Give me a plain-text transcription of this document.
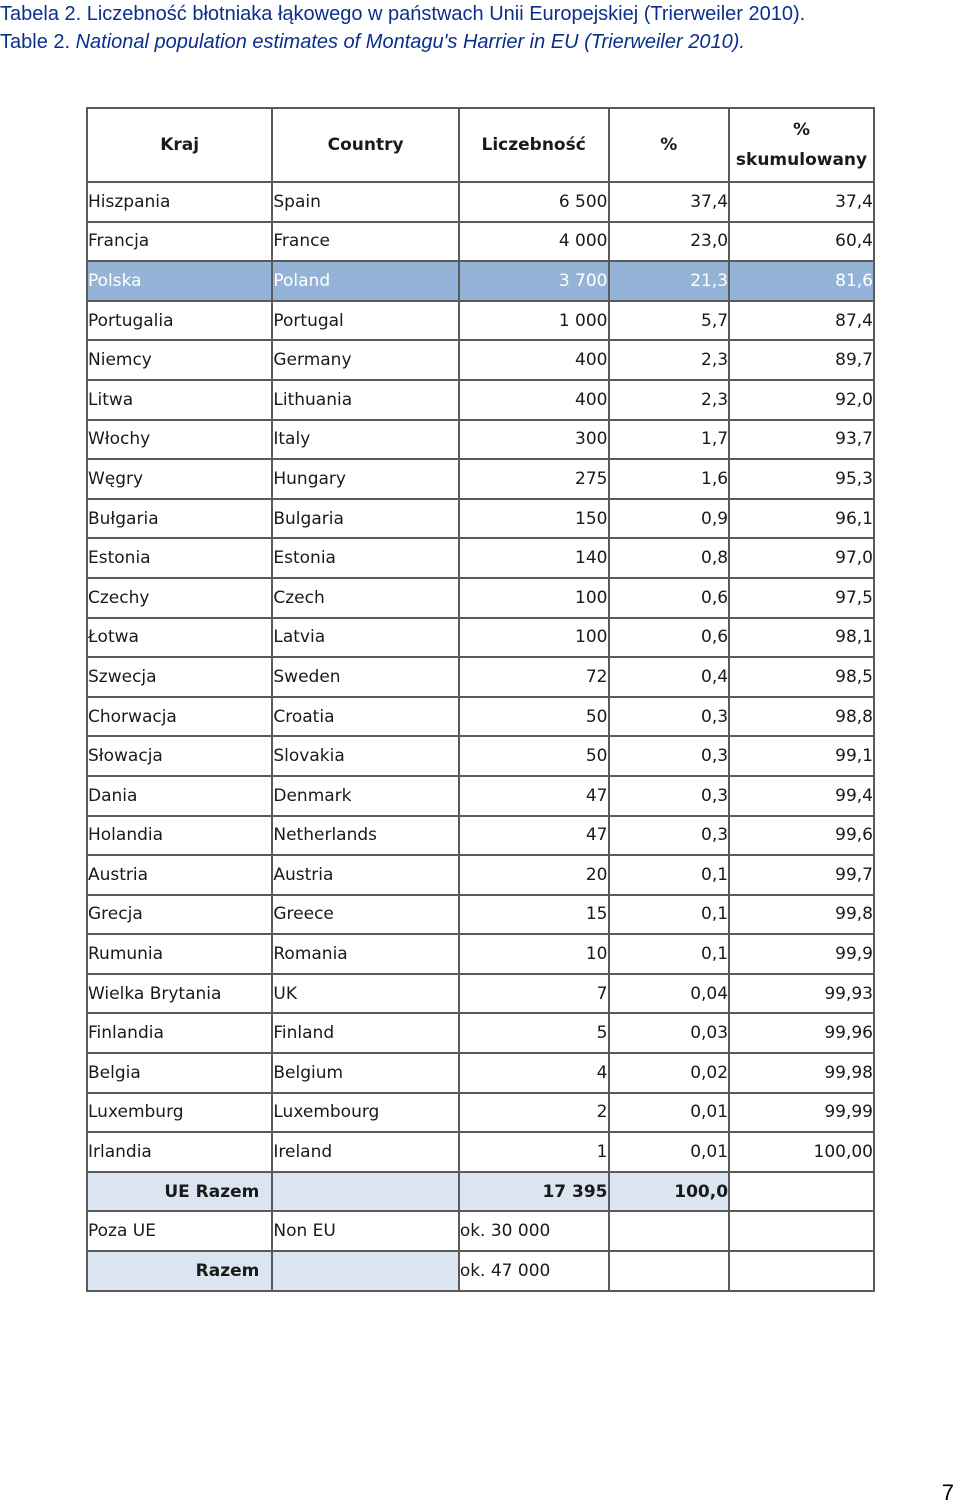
Tabela 2. Liczebność błotniaka łąkowego w państwach Unii Europejskiej (Trierweiler 2010).
Table 2. National population estimates of Montagu's Harrier in EU (Trierweiler 2010).
Kraj	Country	Liczebność	%	%
skumulowany
Hiszpania	Spain	6 500	37,4	37,4
Francja	France	4 000	23,0	60,4
Polska	Poland	3 700	21,3	81,6
Portugalia	Portugal	1 000	5,7	87,4
Niemcy	Germany	400	2,3	89,7
Litwa	Lithuania	400	2,3	92,0
Włochy	Italy	300	1,7	93,7
Węgry	Hungary	275	1,6	95,3
Bułgaria	Bulgaria	150	0,9	96,1
Estonia	Estonia	140	0,8	97,0
Czechy	Czech	100	0,6	97,5
Łotwa	Latvia	100	0,6	98,1
Szwecja	Sweden	72	0,4	98,5
Chorwacja	Croatia	50	0,3	98,8
Słowacja	Slovakia	50	0,3	99,1
Dania	Denmark	47	0,3	99,4
Holandia	Netherlands	47	0,3	99,6
Austria	Austria	20	0,1	99,7
Grecja	Greece	15	0,1	99,8
Rumunia	Romania	10	0,1	99,9
Wielka Brytania	UK	7	0,04	99,93
Finlandia	Finland	5	0,03	99,96
Belgia	Belgium	4	0,02	99,98
Luxemburg	Luxembourg	2	0,01	99,99
Irlandia	Ireland	1	0,01	100,00
UE Razem		17 395	100,0	
Poza UE	Non EU	ok. 30 000		
Razem		ok. 47 000		
7
